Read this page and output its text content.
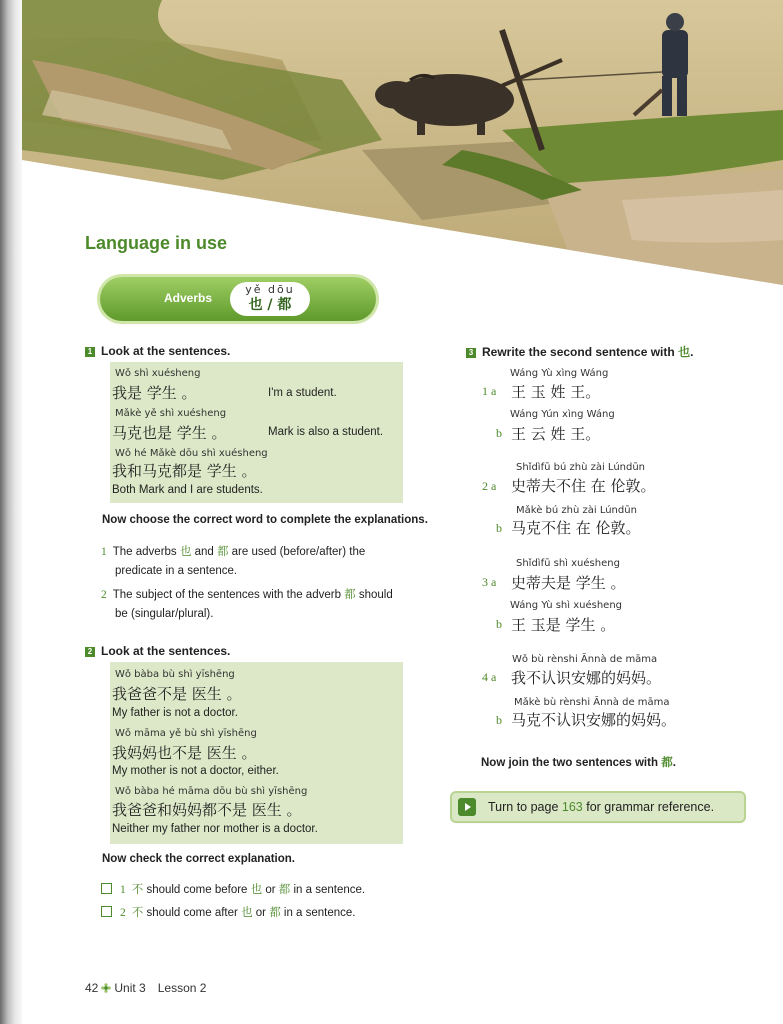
Language in use
Adverbs
yě dōu
也 / 都
1 Look at the sentences.
Wǒ shì xuésheng
我是 学生 。	I'm a student.
Mǎkè yě shì xuésheng
马克也是 学生 。	Mark is also a student.
Wǒ hé Mǎkè dōu shì xuésheng
我和马克都是 学生 。
Both Mark and I are students.
Now choose the correct word to complete the explanations.
1 The adverbs 也 and 都 are used (before/after) the
predicate in a sentence.
2 The subject of the sentences with the adverb 都 should
be (singular/plural).
2 Look at the sentences.
Wǒ bàba bù shì yīshēng
我爸爸不是 医生 。
My father is not a doctor.
Wǒ māma yě bù shì yīshēng
我妈妈也不是 医生 。
My mother is not a doctor, either.
Wǒ bàba hé māma dōu bù shì yīshēng
我爸爸和妈妈都不是 医生 。
Neither my father nor mother is a doctor.
Now check the correct explanation.
1 不 should come before 也 or 都 in a sentence.
2 不 should come after 也 or 都 in a sentence.
3 Rewrite the second sentence with 也.
Wáng Yù xìng Wáng
1 a 王 玉 姓 王。
Wáng Yún xìng Wáng
b 王 云 姓 王。
Shǐdìfū bú zhù zài Lúndūn
2 a 史蒂夫不住 在 伦敦。
Mǎkè bú zhù zài Lúndūn
b 马克不住 在 伦敦。
Shǐdìfū shì xuésheng
3 a 史蒂夫是 学生 。
Wáng Yù shì xuésheng
b 王 玉是 学生 。
Wǒ bù rènshi Ānnà de māma
4 a 我不认识安娜的妈妈。
Mǎkè bù rènshi Ānnà de māma
b 马克不认识安娜的妈妈。
Now join the two sentences with 都.
Turn to page 163 for grammar reference.
42 Unit 3 Lesson 2
